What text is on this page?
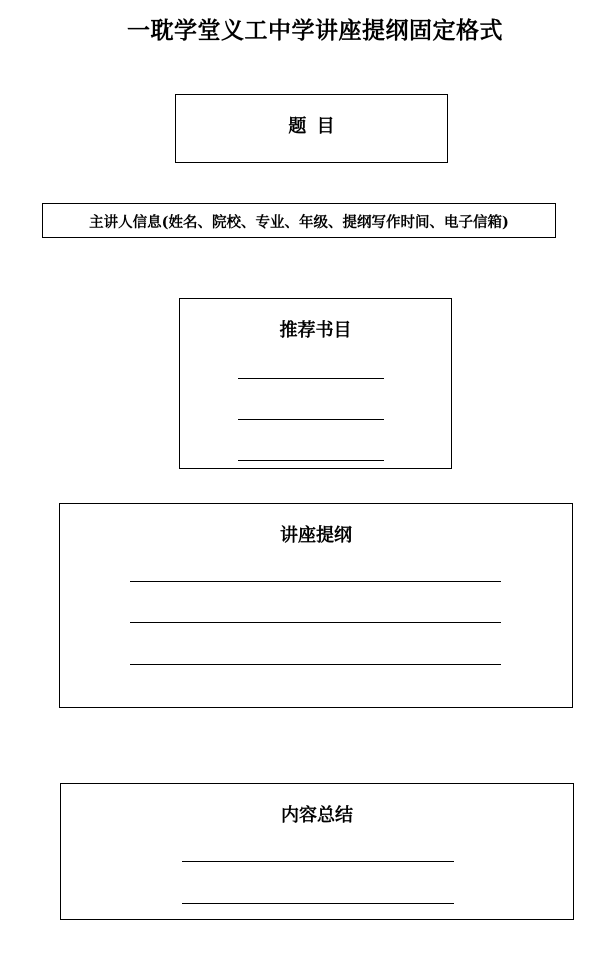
一耽学堂义工中学讲座提纲固定格式
题 目
主讲人信息(姓名、院校、专业、年级、提纲写作时间、电子信箱)
推荐书目
讲座提纲
内容总结
